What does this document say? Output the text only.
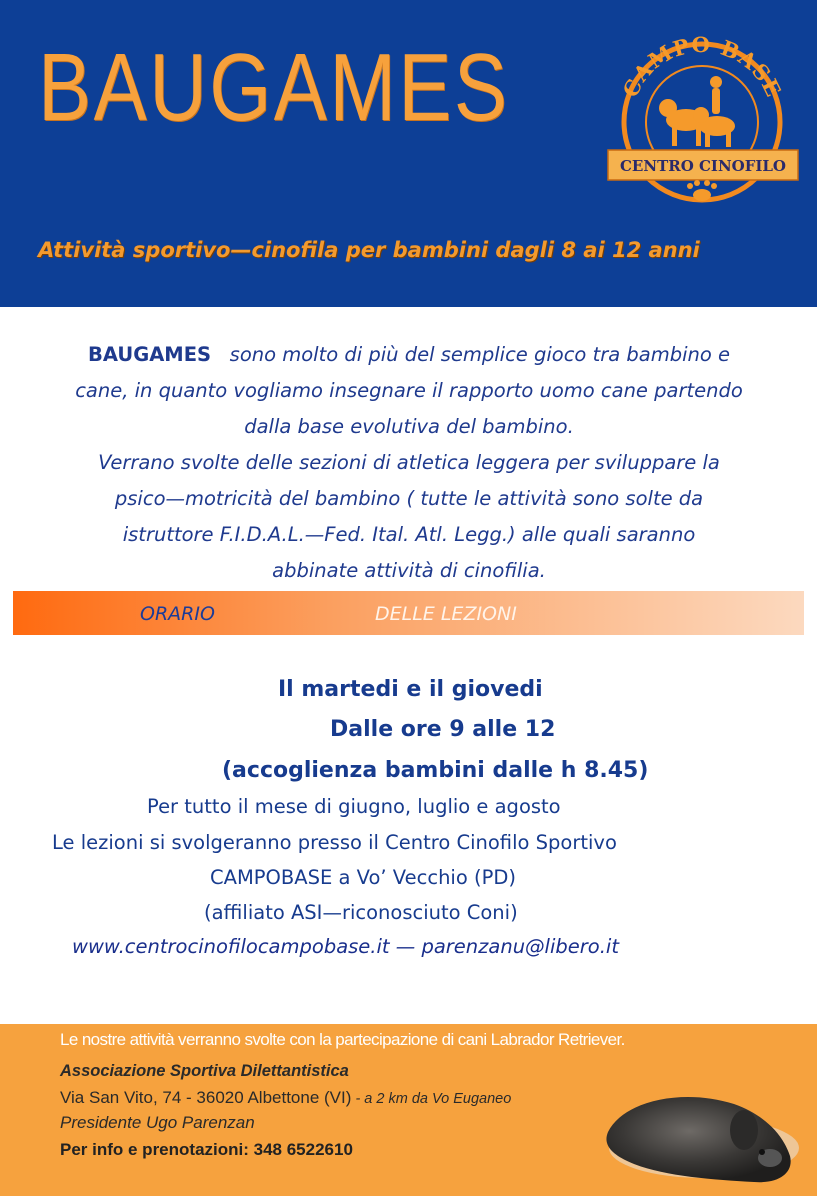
BAUGAMES
Attività sportivo—cinofila per bambini dagli 8 ai 12 anni
CAMPO BASE
CENTRO CINOFILO
BAUGAMES sono molto di più del semplice gioco tra bambino e
cane, in quanto vogliamo insegnare il rapporto uomo cane partendo
dalla base evolutiva del bambino.
Verrano svolte delle sezioni di atletica leggera per sviluppare la
psico—motricità del bambino ( tutte le attività sono solte da
istruttore F.I.D.A.L.—Fed. Ital. Atl. Legg.) alle quali saranno
abbinate attività di cinofilia.
ORARIO	DELLE LEZIONI
Il martedi e il giovedi
Dalle ore 9 alle 12
(accoglienza bambini dalle h 8.45)
Per tutto il mese di giugno, luglio e agosto
Le lezioni si svolgeranno presso il Centro Cinofilo Sportivo
CAMPOBASE a Vo’ Vecchio (PD)
(affiliato ASI—riconosciuto Coni)
www.centrocinofilocampobase.it — parenzanu@libero.it
Le nostre attività verranno svolte con la partecipazione di cani Labrador Retriever.
Associazione Sportiva Dilettantistica
Via San Vito, 74 - 36020 Albettone (VI) - a 2 km da Vo Euganeo
Presidente Ugo Parenzan
Per info e prenotazioni: 348 6522610
